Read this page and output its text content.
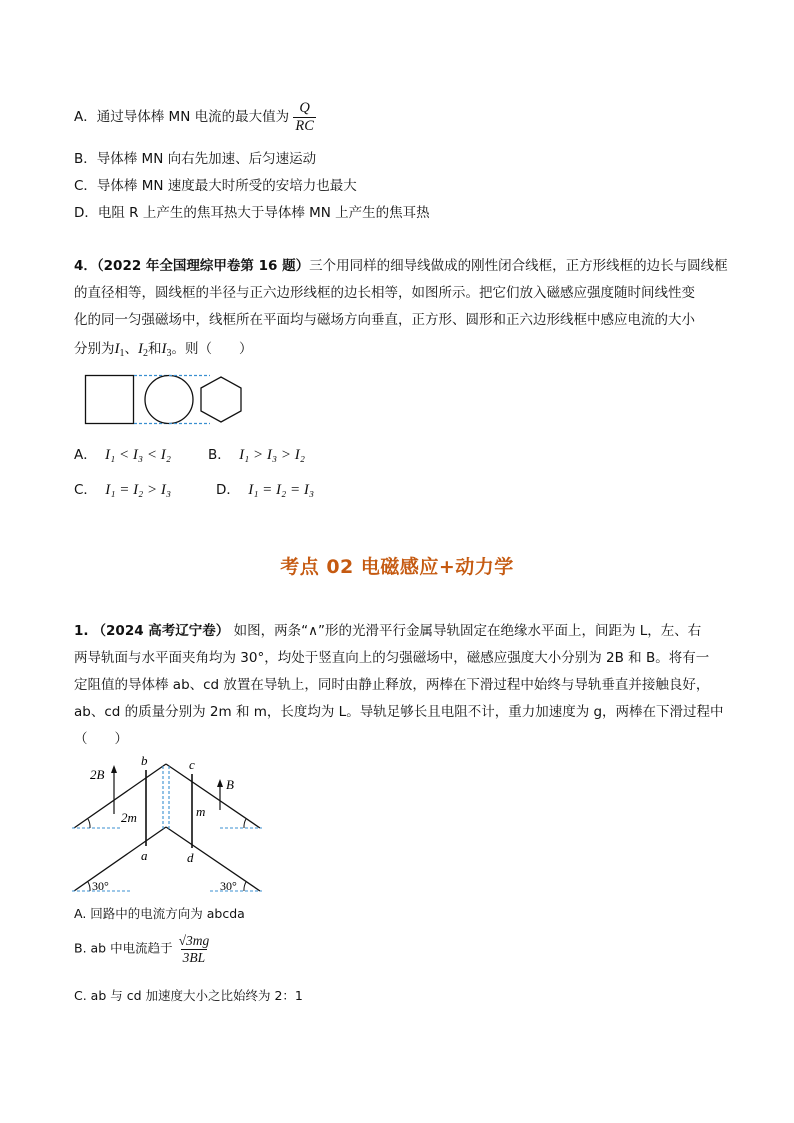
A．通过导体棒 MN 电流的最大值为 $\frac{Q}{RC}$
B．导体棒 MN 向右先加速、后匀速运动
C．导体棒 MN 速度最大时所受的安培力也最大
D．电阻 R 上产生的焦耳热大于导体棒 MN 上产生的焦耳热
4．（2022 年全国理综甲卷第 16 题）三个用同样的细导线做成的刚性闭合线框，正方形线框的边长与圆线框
的直径相等，圆线框的半径与正六边形线框的边长相等，如图所示。把它们放入磁感应强度随时间线性变
化的同一匀强磁场中，线框所在平面均与磁场方向垂直，正方形、圆形和正六边形线框中感应电流的大小
分别为$I_1$、$I_2$和$I_3$。则（　　）
A． I₁ < I₃ < I₂	B． I₁ > I₃ > I₂
C． I₁ = I₂ > I₃	D． I₁ = I₂ = I₃
考点 02 电磁感应+动力学
1. （2024 高考辽宁卷） 如图，两条“∧”形的光滑平行金属导轨固定在绝缘水平面上，间距为 L，左、右
两导轨面与水平面夹角均为 30°，均处于竖直向上的匀强磁场中，磁感应强度大小分别为 2B 和 B。将有一
定阻值的导体棒 ab、cd 放置在导轨上，同时由静止释放，两棒在下滑过程中始终与导轨垂直并接触良好，
ab、cd 的质量分别为 2m 和 m，长度均为 L。导轨足够长且电阻不计，重力加速度为 g，两棒在下滑过程中
（　　）
2B
B
b	c
2m	m
a	d
30°	30°
A. 回路中的电流方向为 abcda
B. ab 中电流趋于 $\frac{√3mg}{3BL}$
C. ab 与 cd 加速度大小之比始终为 2：1
